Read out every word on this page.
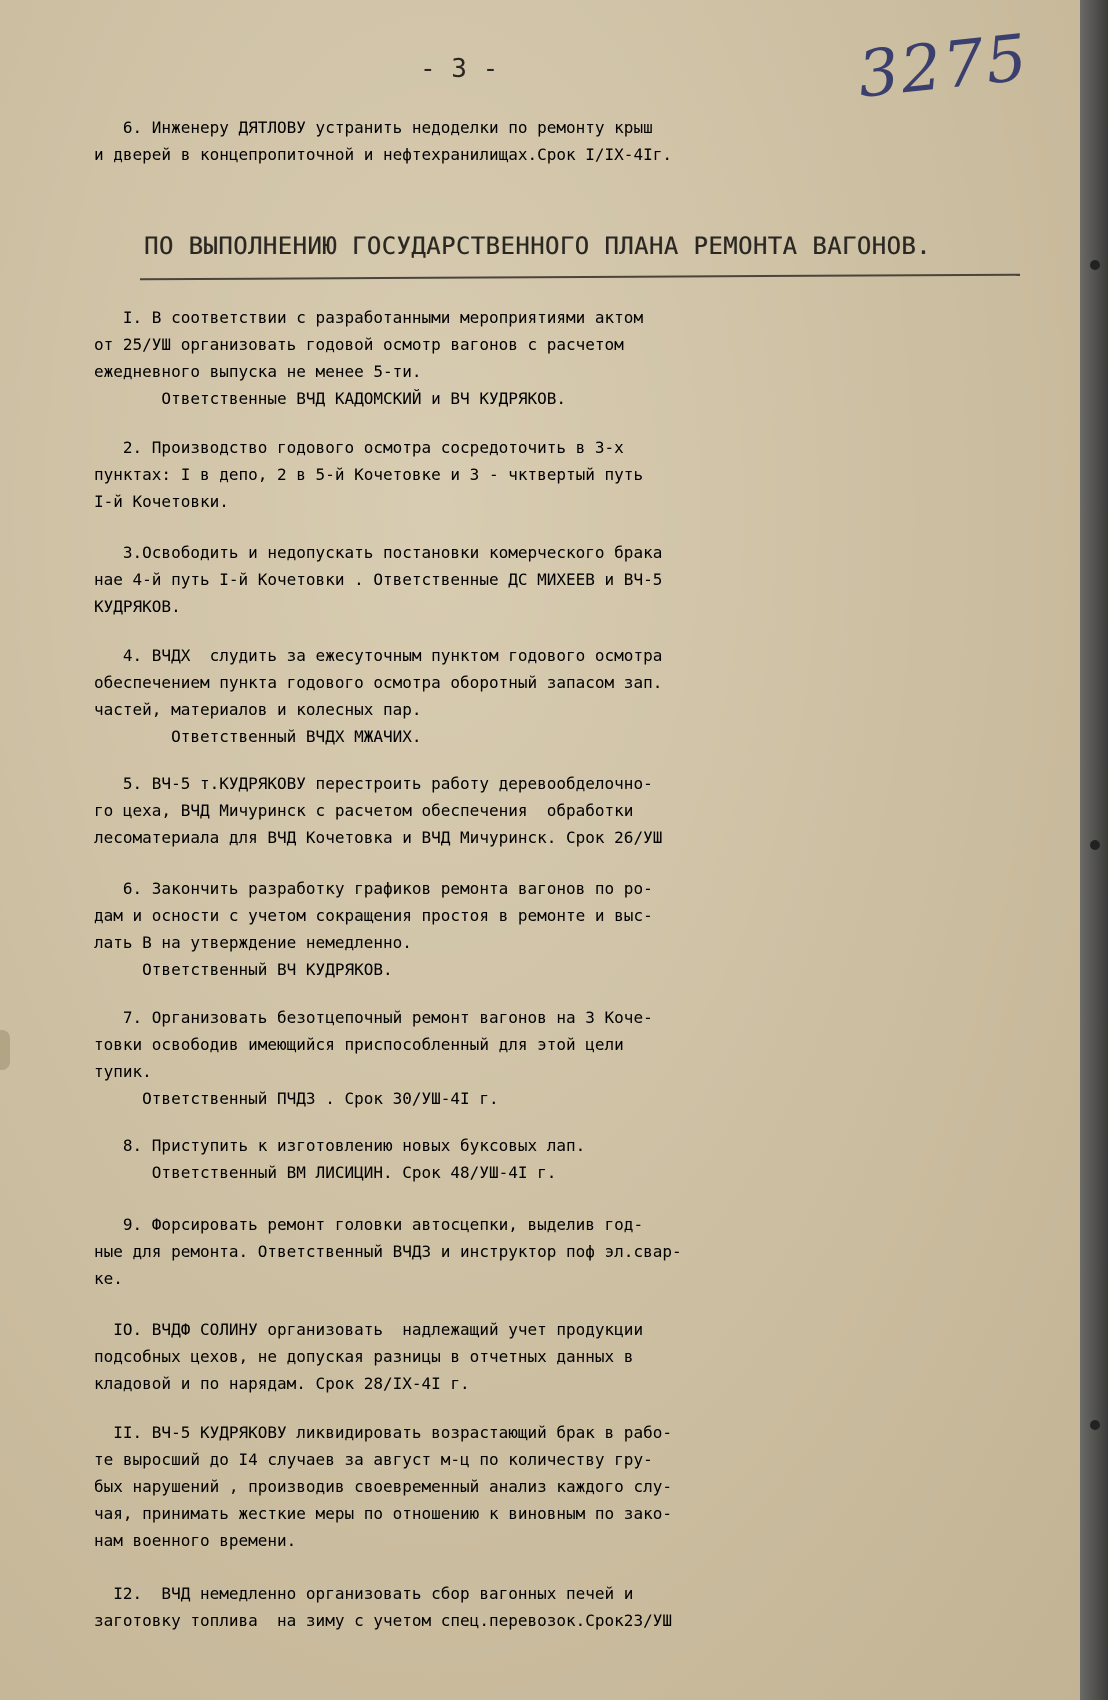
- 3 -	3275
6. Инженеру ДЯТЛОВУ устранить недоделки по ремонту крыш
и дверей в концепропиточной и нефтехранилищах.Срок I/IX-4Iг.
ПО ВЫПОЛНЕНИЮ ГОСУДАРСТВЕННОГО ПЛАНА РЕМОНТА ВАГОНОВ.
I. В соответствии с разработанными мероприятиями актом
от 25/УШ организовать годовой осмотр вагонов с расчетом
ежедневного выпуска не менее 5-ти.
Ответственные ВЧД КАДОМСКИЙ и ВЧ КУДРЯКОВ.
2. Производство годового осмотра сосредоточить в 3-х
пунктах: I в депо, 2 в 5-й Кочетовке и 3 - чктвертый путь
I-й Кочетовки.
3.Освободить и недопускать постановки комерческого брака
нае 4-й путь I-й Кочетовки . Ответственные ДС МИХЕЕВ и ВЧ-5
КУДРЯКОВ.
4. ВЧДХ  слудить за ежесуточным пунктом годового осмотра
обеспечением пункта годового осмотра оборотный запасом зап.
частей, материалов и колесных пар.
Ответственный ВЧДХ МЖАЧИХ.
5. ВЧ-5 т.КУДРЯКОВУ перестроить работу деревообделочно-
го цеха, ВЧД Мичуринск с расчетом обеспечения  обработки
лесоматериала для ВЧД Кочетовка и ВЧД Мичуринск. Срок 26/УШ
6. Закончить разработку графиков ремонта вагонов по ро-
дам и осности с учетом сокращения простоя в ремонте и выс-
лать В на утверждение немедленно.
Ответственный ВЧ КУДРЯКОВ.
7. Организовать безотцепочный ремонт вагонов на 3 Коче-
товки освободив имеющийся приспособленный для этой цели
тупик.
Ответственный ПЧДЗ . Срок 30/УШ-4I г.
8. Приступить к изготовлению новых буксовых лап.
Ответственный ВМ ЛИСИЦИН. Срок 48/УШ-4I г.
9. Форсировать ремонт головки автосцепки, выделив год-
ные для ремонта. Ответственный ВЧДЗ и инструктор поф эл.свар-
ке.
IO. ВЧДФ СОЛИНУ организовать  надлежащий учет продукции
подсобных цехов, не допуская разницы в отчетных данных в
кладовой и по нарядам. Срок 28/IX-4I г.
II. ВЧ-5 КУДРЯКОВУ ликвидировать возрастающий брак в рабо-
те выросший до I4 случаев за август м-ц по количеству гру-
бых нарушений , производив своевременный анализ каждого слу-
чая, принимать жесткие меры по отношению к виновным по зако-
нам военного времени.
I2.  ВЧД немедленно организовать сбор вагонных печей и
заготовку топлива  на зиму с учетом спец.перевозок.Срок23/УШ
